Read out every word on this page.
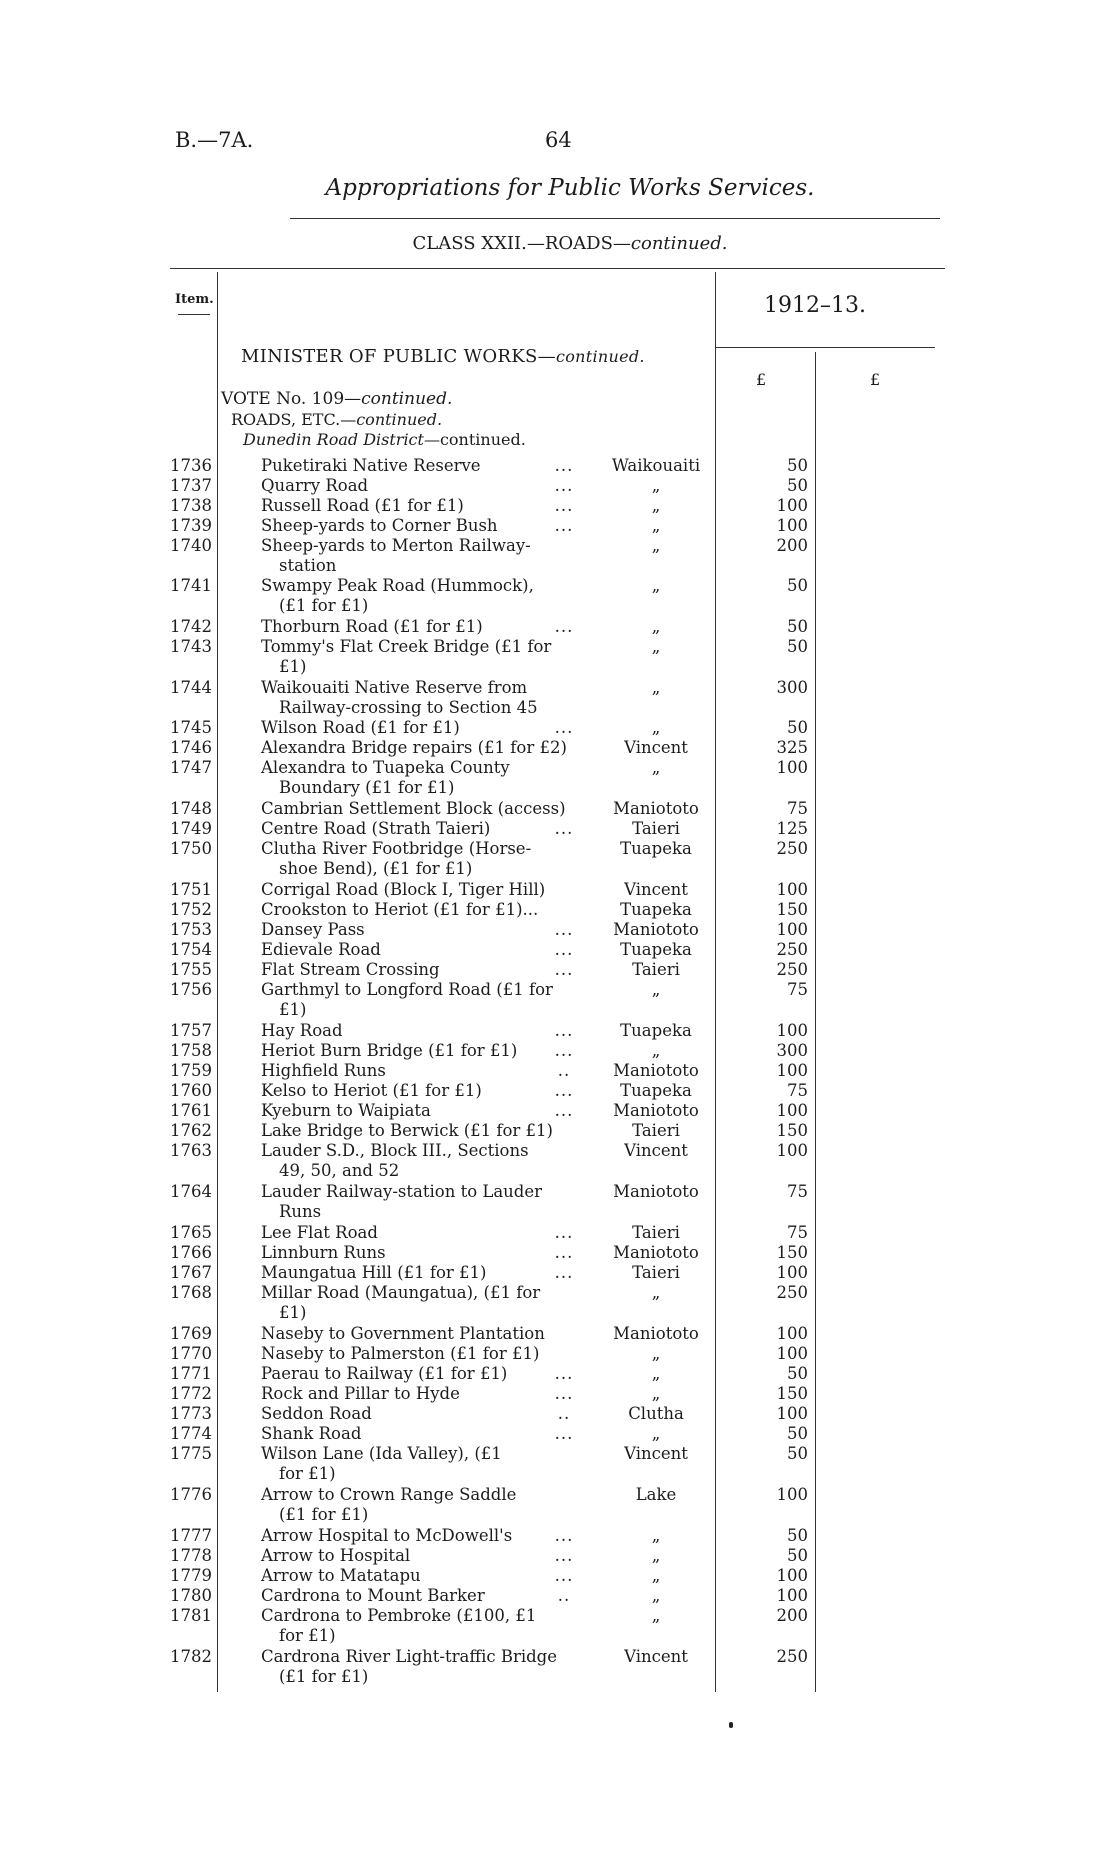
B.—7A.	64
Appropriations for Public Works Services.
CLASS XXII.—ROADS—continued.
Item.	1912–13.
MINISTER OF PUBLIC WORKS—continued.
£	£
VOTE No. 109—continued.
ROADS, ETC.—continued.
Dunedin Road District—continued.
1736	Puketiraki Native Reserve	...	Waikouaiti	50
1737	Quarry Road	...	„	50
1738	Russell Road (£1 for £1)	...	„	100
1739	Sheep-yards to Corner Bush	...	„	100
1740	Sheep-yards to Merton Railway-
station
„	200
1741	Swampy Peak Road (Hummock),
(£1 for £1)
„	50
1742	Thorburn Road (£1 for £1)	...	„	50
1743	Tommy's Flat Creek Bridge (£1 for
£1)
„	50
1744	Waikouaiti Native Reserve from
Railway-crossing to Section 45
„	300
1745	Wilson Road (£1 for £1)	...	„	50
1746	Alexandra Bridge repairs (£1 for £2)	Vincent	325
1747	Alexandra to Tuapeka County
Boundary (£1 for £1)
„	100
1748	Cambrian Settlement Block (access)	Maniototo	75
1749	Centre Road (Strath Taieri)	...	Taieri	125
1750	Clutha River Footbridge (Horse-
shoe Bend), (£1 for £1)
Tuapeka	250
1751	Corrigal Road (Block I, Tiger Hill)	Vincent	100
1752	Crookston to Heriot (£1 for £1)...	Tuapeka	150
1753	Dansey Pass	...	Maniototo	100
1754	Edievale Road	...	Tuapeka	250
1755	Flat Stream Crossing	...	Taieri	250
1756	Garthmyl to Longford Road (£1 for
£1)
„	75
1757	Hay Road	...	Tuapeka	100
1758	Heriot Burn Bridge (£1 for £1)	...	„	300
1759	Highfield Runs	..	Maniototo	100
1760	Kelso to Heriot (£1 for £1)	...	Tuapeka	75
1761	Kyeburn to Waipiata	...	Maniototo	100
1762	Lake Bridge to Berwick (£1 for £1)	Taieri	150
1763	Lauder S.D., Block III., Sections
49, 50, and 52
Vincent	100
1764	Lauder Railway-station to Lauder
Runs
Maniototo	75
1765	Lee Flat Road	...	Taieri	75
1766	Linnburn Runs	...	Maniototo	150
1767	Maungatua Hill (£1 for £1)	...	Taieri	100
1768	Millar Road (Maungatua), (£1 for
£1)
„	250
1769	Naseby to Government Plantation	Maniototo	100
1770	Naseby to Palmerston (£1 for £1)	„	100
1771	Paerau to Railway (£1 for £1)	...	„	50
1772	Rock and Pillar to Hyde	...	„	150
1773	Seddon Road	..	Clutha	100
1774	Shank Road	...	„	50
1775	Wilson Lane (Ida Valley), (£1
for £1)
Vincent	50
1776	Arrow to Crown Range Saddle
(£1 for £1)
Lake	100
1777	Arrow Hospital to McDowell's	...	„	50
1778	Arrow to Hospital	...	„	50
1779	Arrow to Matatapu	...	„	100
1780	Cardrona to Mount Barker	..	„	100
1781	Cardrona to Pembroke (£100, £1
for £1)
„	200
1782	Cardrona River Light-traffic Bridge
(£1 for £1)
Vincent	250
